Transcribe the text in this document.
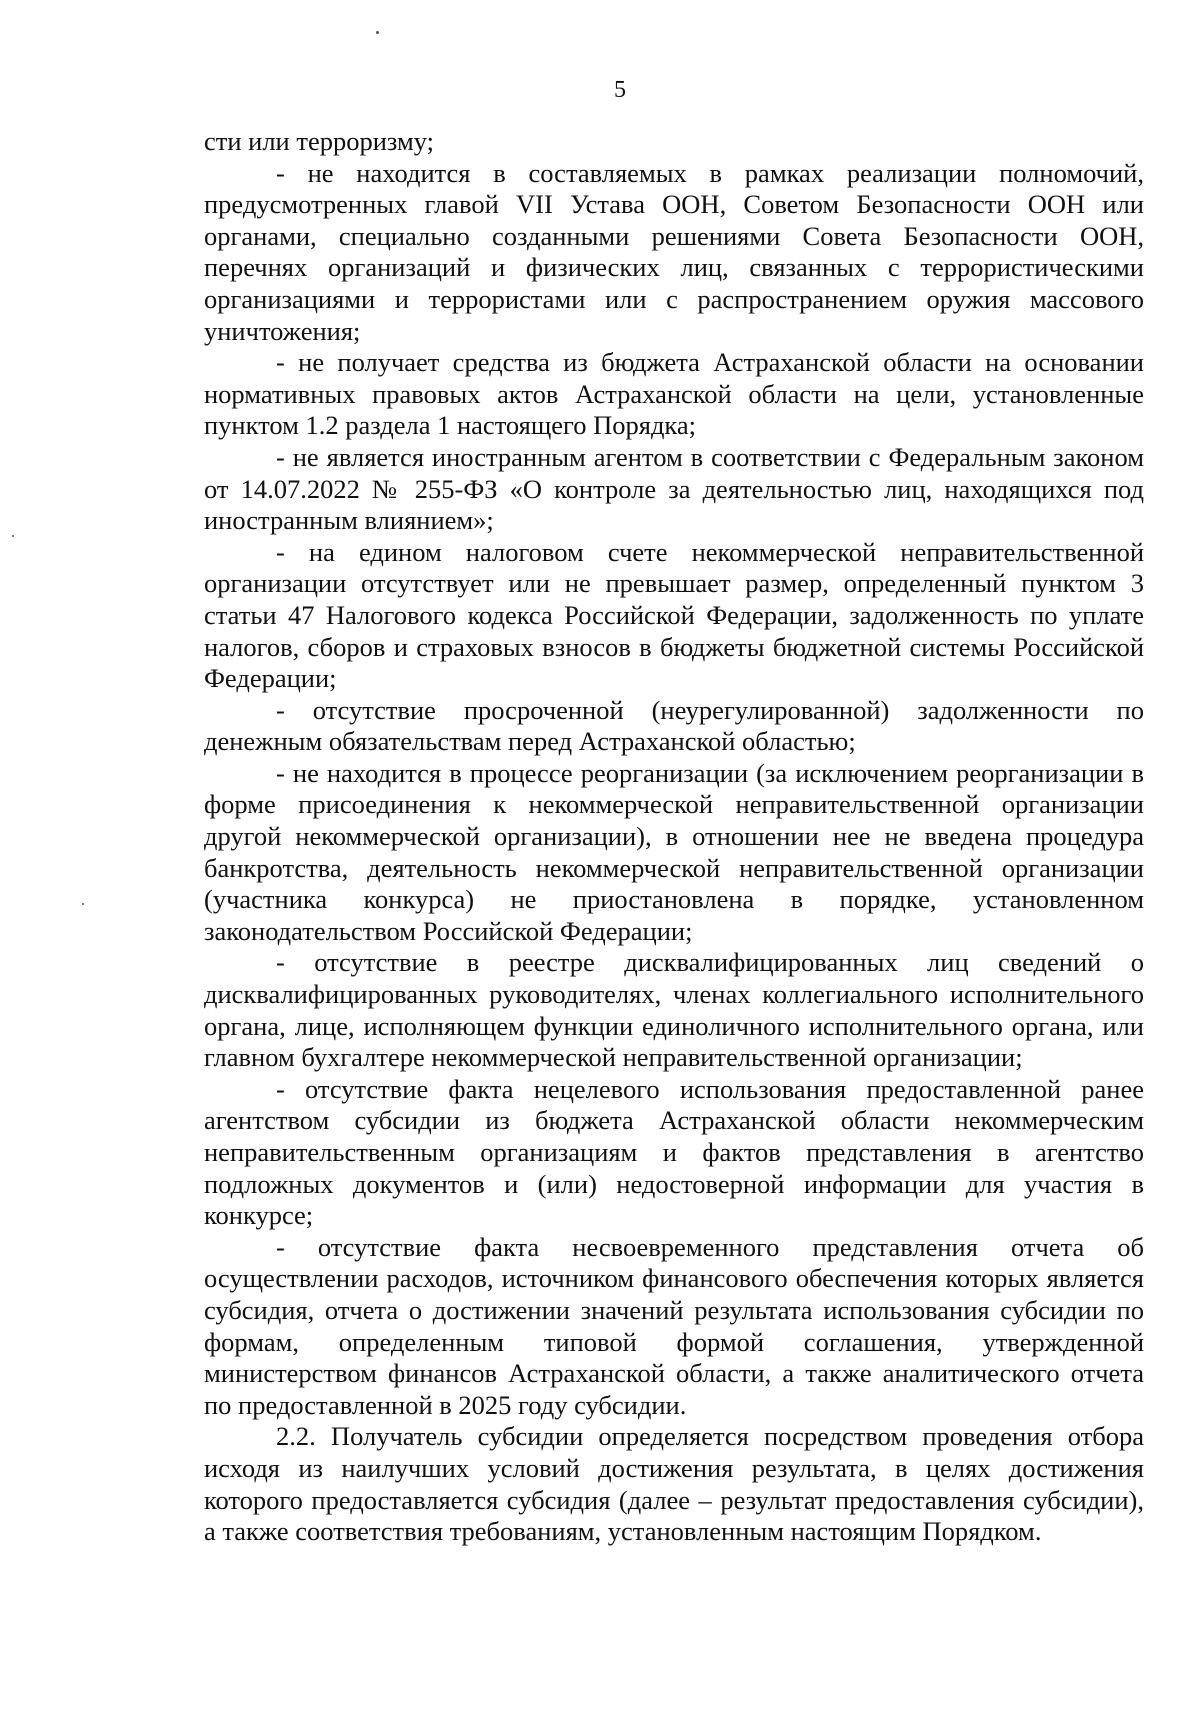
5

сти или терроризму;

- не находится в составляемых в рамках реализации полномочий, предусмотренных главой VII Устава ООН, Советом Безопасности ООН или органами, специально созданными решениями Совета Безопасности ООН, перечнях организаций и физических лиц, связанных с террористическими организациями и террористами или с распространением оружия массового уничтожения;

- не получает средства из бюджета Астраханской области на основании нормативных правовых актов Астраханской области на цели, установленные пунктом 1.2 раздела 1 настоящего Порядка;

- не является иностранным агентом в соответствии с Федеральным законом от 14.07.2022 № 255-ФЗ «О контроле за деятельностью лиц, находящихся под иностранным влиянием»;

- на едином налоговом счете некоммерческой неправительственной организации отсутствует или не превышает размер, определенный пунктом 3 статьи 47 Налогового кодекса Российской Федерации, задолженность по уплате налогов, сборов и страховых взносов в бюджеты бюджетной системы Российской Федерации;

- отсутствие просроченной (неурегулированной) задолженности по денежным обязательствам перед Астраханской областью;

- не находится в процессе реорганизации (за исключением реорганизации в форме присоединения к некоммерческой неправительственной организации другой некоммерческой организации), в отношении нее не введена процедура банкротства, деятельность некоммерческой неправительственной организации (участника конкурса) не приостановлена в порядке, установленном законодательством Российской Федерации;

- отсутствие в реестре дисквалифицированных лиц сведений о дисквалифицированных руководителях, членах коллегиального исполнительного органа, лице, исполняющем функции единоличного исполнительного органа, или главном бухгалтере некоммерческой неправительственной организации;

- отсутствие факта нецелевого использования предоставленной ранее агентством субсидии из бюджета Астраханской области некоммерческим неправительственным организациям и фактов представления в агентство подложных документов и (или) недостоверной информации для участия в конкурсе;

- отсутствие факта несвоевременного представления отчета об осуществлении расходов, источником финансового обеспечения которых является субсидия, отчета о достижении значений результата использования субсидии по формам, определенным типовой формой соглашения, утвержденной министерством финансов Астраханской области, а также аналитического отчета по предоставленной в 2025 году субсидии.

2.2. Получатель субсидии определяется посредством проведения отбора исходя из наилучших условий достижения результата, в целях достижения которого предоставляется субсидия (далее – результат предоставления субсидии), а также соответствия требованиям, установленным настоящим Порядком.
